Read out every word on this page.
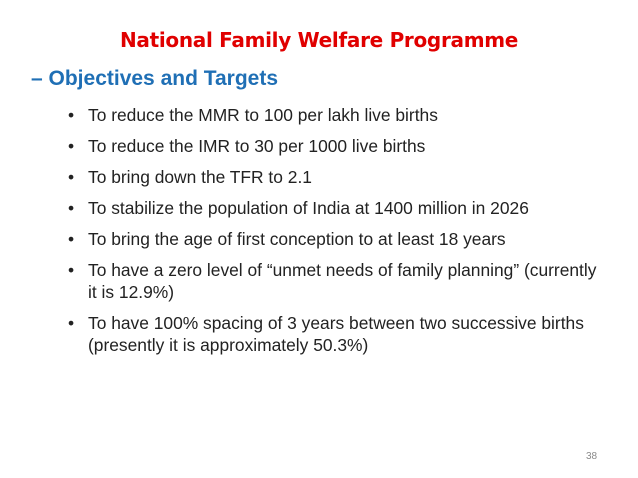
National Family Welfare Programme
– Objectives and Targets
• To reduce the MMR to 100 per lakh live births
• To reduce the IMR to 30 per 1000 live births
• To bring down the TFR to 2.1
• To stabilize the population of India at 1400 million in 2026
• To bring the age of first conception to at least 18 years
• To have a zero level of “unmet needs of family planning” (currently it is 12.9%)
• To have 100% spacing of 3 years between two successive births (presently it is approximately 50.3%)
38
